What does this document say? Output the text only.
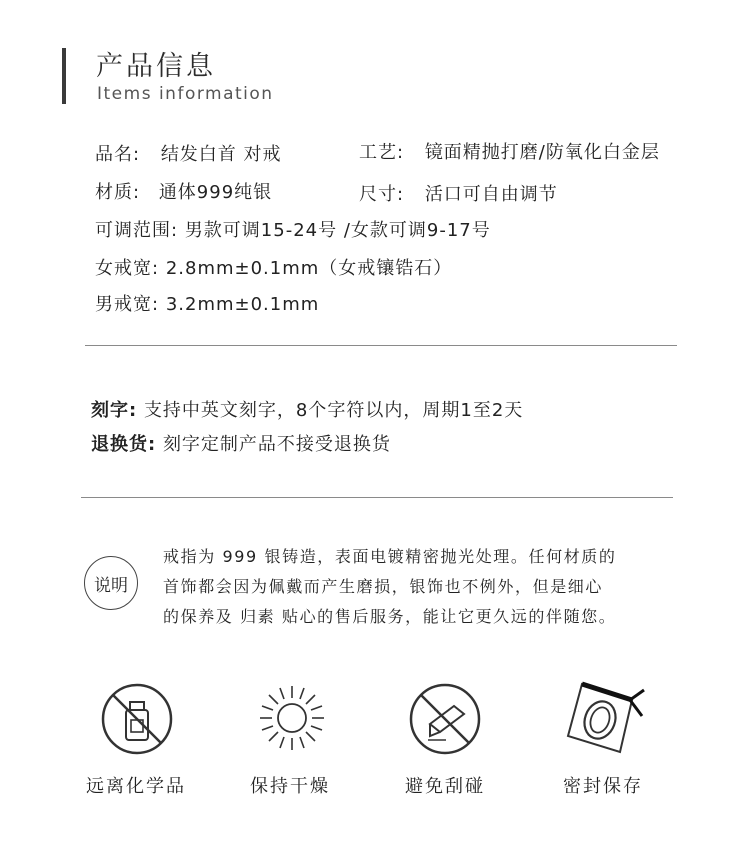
产品信息
Items information
品名: 结发白首 对戒	工艺: 镜面精抛打磨/防氧化白金层
材质: 通体999纯银	尺寸: 活口可自由调节
可调范围: 男款可调15-24号 /女款可调9-17号
女戒宽: 2.8mm±0.1mm（女戒镶锆石）
男戒宽: 3.2mm±0.1mm
刻字: 支持中英文刻字，8个字符以内，周期1至2天
退换货: 刻字定制产品不接受退换货
说明
戒指为 999 银铸造，表面电镀精密抛光处理。任何材质的
首饰都会因为佩戴而产生磨损，银饰也不例外，但是细心
的保养及 归素 贴心的售后服务，能让它更久远的伴随您。
远离化学品	保持干燥	避免刮碰	密封保存
